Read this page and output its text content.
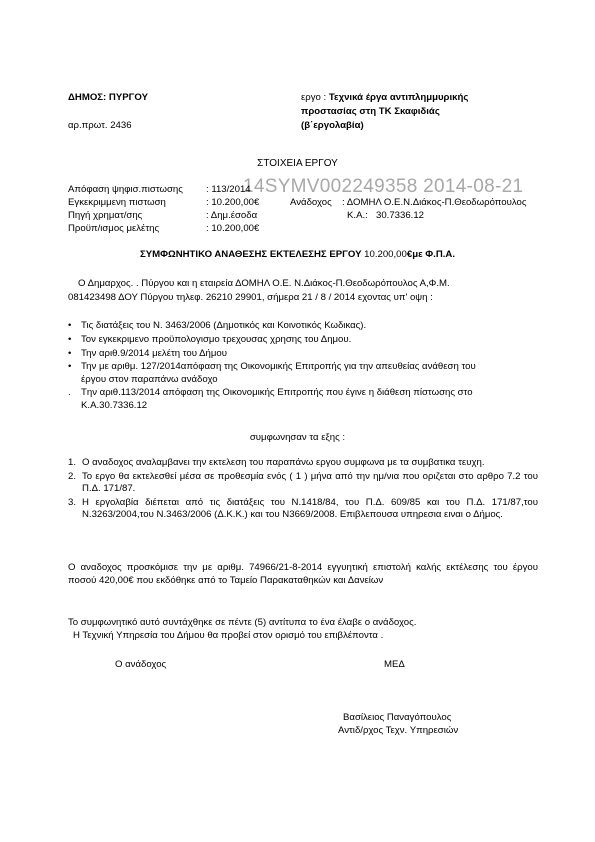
ΔΗΜΟΣ: ΠΥΡΓΟΥ
αρ.πρωτ. 2436
εργο : Τεχνικά έργα αντιπλημμυρικής
προστασίας στη ΤΚ Σκαφιδιάς
(β΄εργολαβία)
ΣΤΟΙΧΕΙΑ ΕΡΓΟΥ
14SYMV002249358 2014-08-21
Απόφαση ψηφισ.πιστωσης : 113/2014
Εγκεκριμμενη πιστωση	: 10.200,00€	Ανάδοχος : ΔΟΜΗΛ Ο.Ε.Ν.Διάκος-Π.Θεοδωρόπουλος
Πηγή χρηματ/σης	: Δημ.έσοδα	Κ.Α.: 30.7336.12
Προϋπ/ισμος μελέτης	: 10.200,00€
ΣΥΜΦΩΝΗΤΙΚΟ ΑΝΑΘΕΣΗΣ ΕΚΤΕΛΕΣΗΣ ΕΡΓΟΥ 10.200,00€με Φ.Π.Α.
Ο Δημαρχος. . Πύργου και η εταιρεία ΔΟΜΗΛ Ο.Ε. Ν.Διάκος-Π.Θεοδωρόπουλος Α,Φ.Μ.
081423498 ΔΟΥ Πύργου τηλεφ. 26210 29901, σήμερα 21 / 8 / 2014 εχοντας υπ' οψη :
• Τις διατάξεις του Ν. 3463/2006 (Δημοτικός και Κοινοτικός Κωδικας).
• Τον εγκεκριμενο προϋπολογισμο τρεχουσας χρησης του Δημου.
• Την αριθ.9/2014 μελέτη του Δήμου
• Την με αριθμ. 127/2014απόφαση της Οικονομικής Επιτροπής για την απευθείας ανάθεση του έργου στον παραπάνω ανάδοχο
. Tην αριθ.113/2014 απόφαση της Οικονομικής Επιτροπής που έγινε η διάθεση πίστωσης στο Κ.Α.30.7336.12
συμφωνησαν τα εξης :
1. Ο αναδοχος αναλαμβανει την εκτελεση του παραπάνω εργου συμφωνα με τα συμβατικα τευχη.
2. Το εργο θα εκτελεσθεί μέσα σε προθεσμία ενός ( 1 ) μήνα από την ημ/νια που οριζεται στο αρθρο 7.2 του Π.Δ. 171/87.
3. Η εργολαβία διέπεται από τις διατάξεις του Ν.1418/84, του Π.Δ. 609/85 και του Π.Δ. 171/87,του Ν.3263/2004,του Ν.3463/2006 (Δ.Κ.Κ.) και του Ν3669/2008. Επιβλεπουσα υπηρεσια ειναι ο Δήμος.
Ο αναδοχος προσκόμισε την με αριθμ. 74966/21-8-2014 εγγυητική επιστολή καλής εκτέλεσης του έργου ποσού 420,00€ που εκδόθηκε από το Ταμείο Παρακαταθηκών και Δανείων
Το συμφωνητικό αυτό συντάχθηκε σε πέντε (5) αντίτυπα το ένα έλαβε ο ανάδοχος.
Η Τεχνική Υπηρεσία του Δήμου θα προβεί στον ορισμό του επιβλέποντα .
Ο ανάδοχος	ΜΕΔ
Βασίλειος Παναγόπουλος
Αντιδ/ρχος Τεχν. Υπηρεσιών
